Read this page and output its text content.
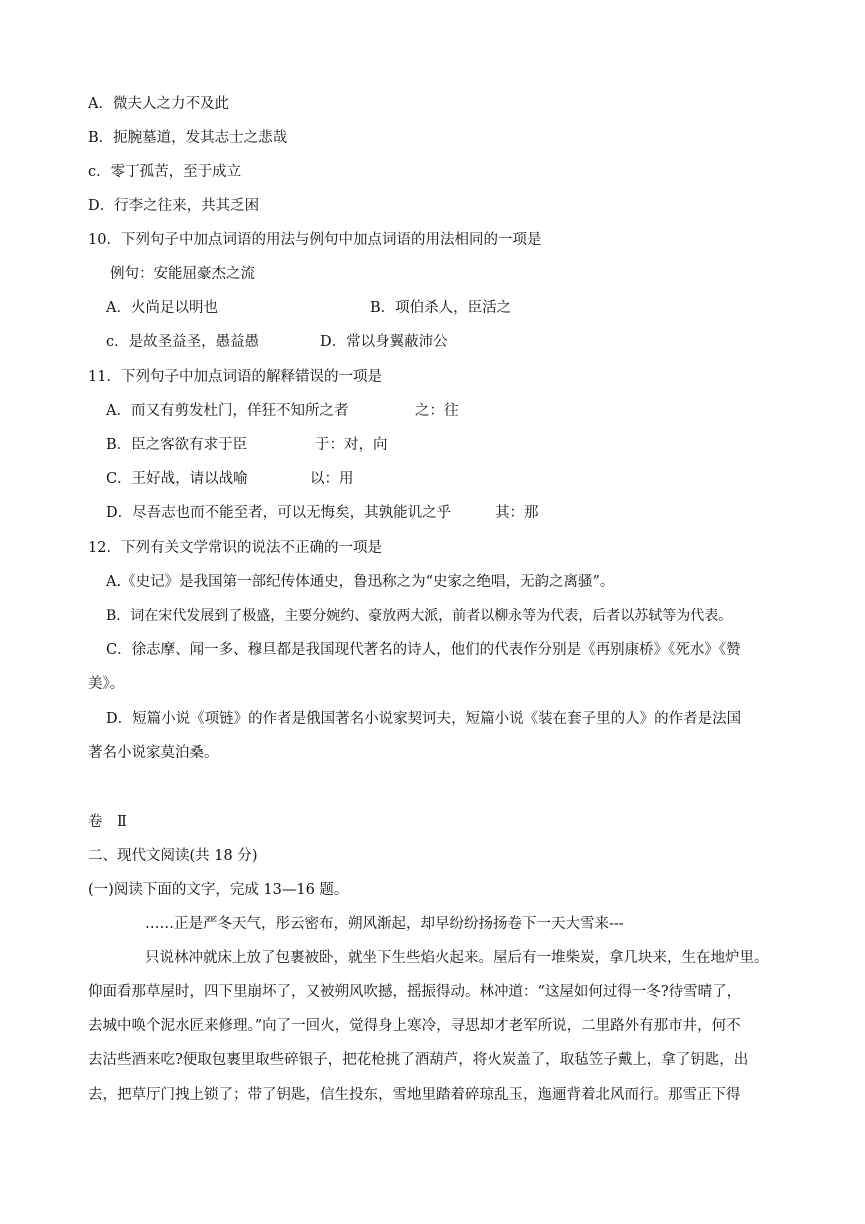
A．微夫人之力不及此
B．扼腕墓道，发其志士之悲哉
c．零丁孤苦，至于成立
D．行李之往来，共其乏困
10．下列句子中加点词语的用法与例句中加点词语的用法相同的一项是
例句：安能屈豪杰之流
A．火尚足以明也	B．项伯杀人，臣活之
c．是故圣益圣，愚益愚	D．常以身翼蔽沛公
11．下列句子中加点词语的解释错误的一项是
A．而又有剪发杜门，佯狂不知所之者	之：往
B．臣之客欲有求于臣	于：对，向
C．王好战，请以战喻	以：用
D．尽吾志也而不能至者，可以无悔矣，其孰能讥之乎	其：那
12．下列有关文学常识的说法不正确的一项是
A.《史记》是我国第一部纪传体通史，鲁迅称之为“史家之绝唱，无韵之离骚”。
B．词在宋代发展到了极盛，主要分婉约、豪放两大派，前者以柳永等为代表，后者以苏轼等为代表。
C．徐志摩、闻一多、穆旦都是我国现代著名的诗人，他们的代表作分别是《再别康桥》《死水》《赞
美》。
D．短篇小说《项链》的作者是俄国著名小说家契诃夫，短篇小说《装在套子里的人》的作者是法国
著名小说家莫泊桑。
卷　Ⅱ
二、现代文阅读(共 18 分)
(一)阅读下面的文字，完成 13—16 题。
……正是严冬天气，彤云密布，朔风渐起，却早纷纷扬扬卷下一天大雪来---
只说林冲就床上放了包裹被卧，就坐下生些焰火起来。屋后有一堆柴炭，拿几块来，生在地炉里。
仰面看那草屋时，四下里崩坏了，又被朔风吹撼，摇振得动。林冲道：“这屋如何过得一冬?待雪晴了，
去城中唤个泥水匠来修理。”向了一回火，觉得身上寒冷，寻思却才老军所说，二里路外有那市井，何不
去沽些酒来吃?便取包裹里取些碎银子，把花枪挑了酒葫芦，将火炭盖了，取毡笠子戴上，拿了钥匙，出
去，把草厅门拽上锁了；带了钥匙，信生投东，雪地里踏着碎琼乱玉，迤逦背着北风而行。那雪正下得
